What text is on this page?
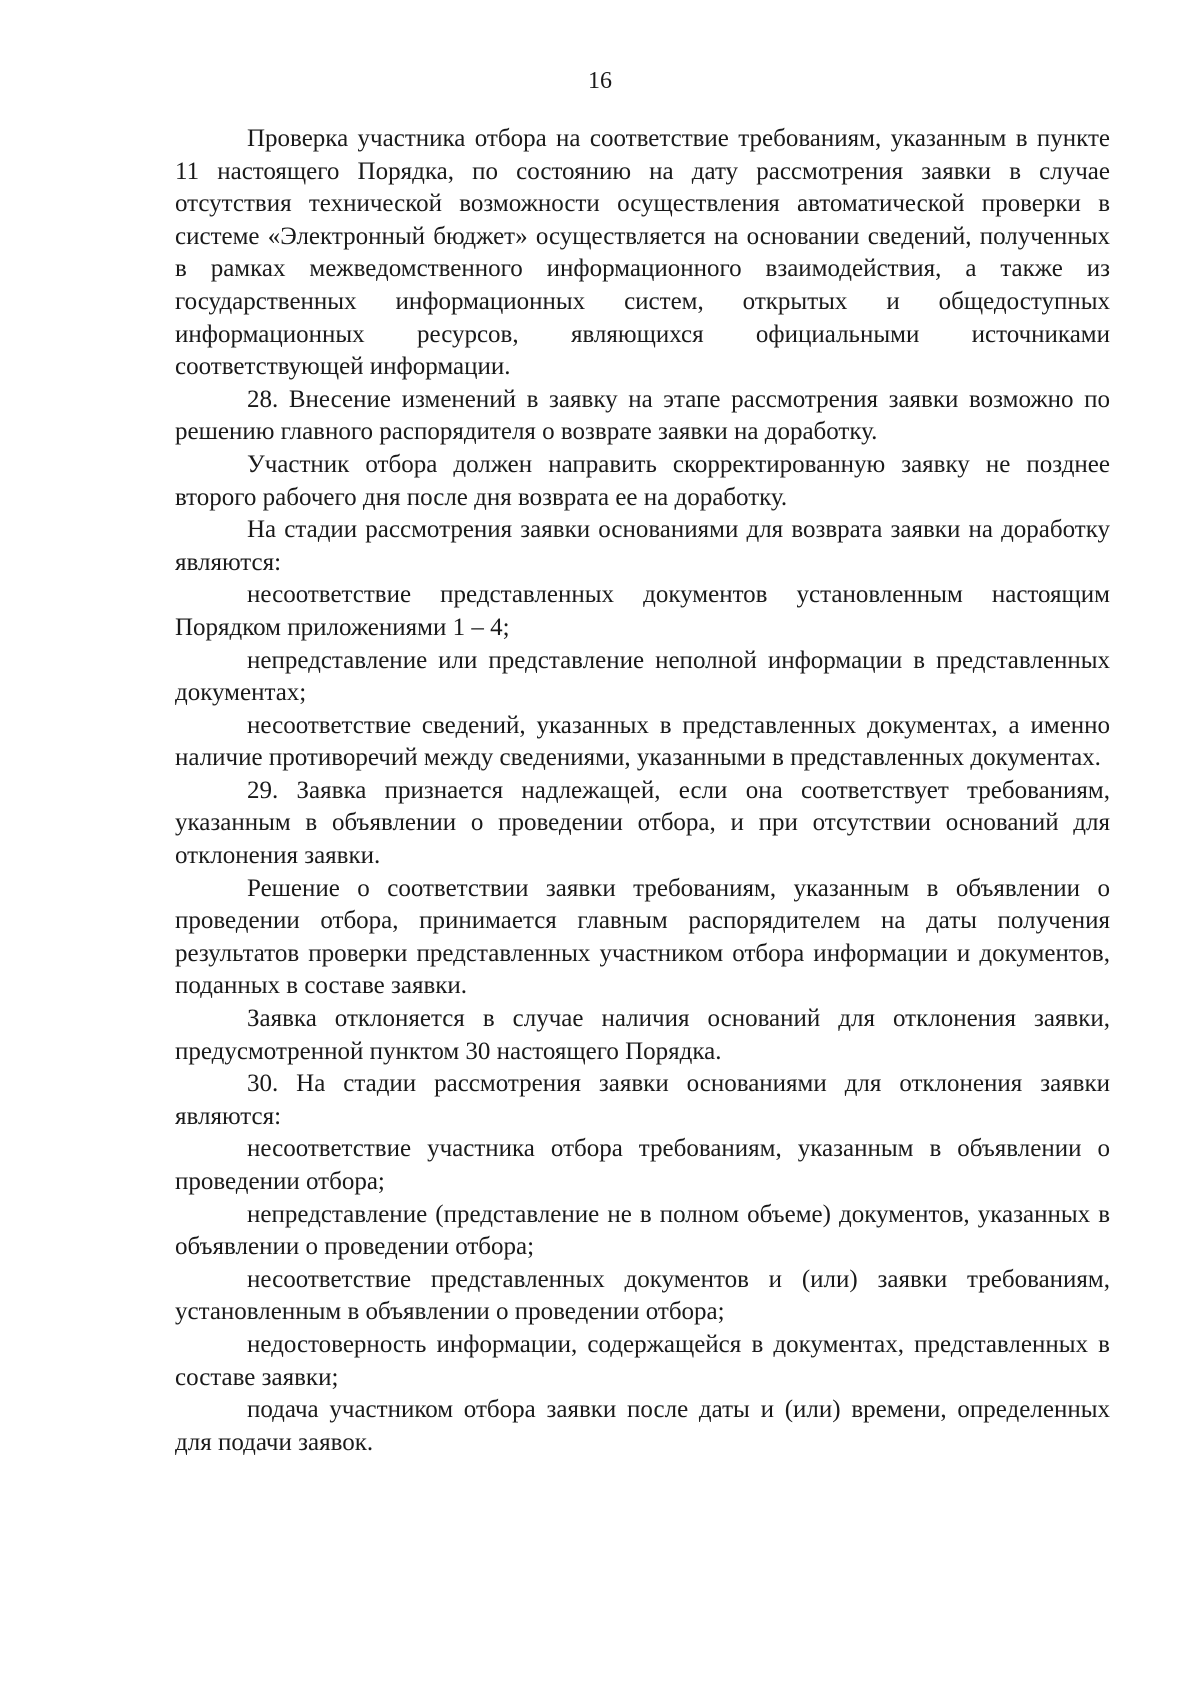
16

Проверка участника отбора на соответствие требованиям, указанным в пункте 11 настоящего Порядка, по состоянию на дату рассмотрения заявки в случае отсутствия технической возможности осуществления автоматической проверки в системе «Электронный бюджет» осуществляется на основании сведений, полученных в рамках межведомственного информационного взаимодействия, а также из государственных информационных систем, открытых и общедоступных информационных ресурсов, являющихся официальными источниками соответствующей информации.

28. Внесение изменений в заявку на этапе рассмотрения заявки возможно по решению главного распорядителя о возврате заявки на доработку.

Участник отбора должен направить скорректированную заявку не позднее второго рабочего дня после дня возврата ее на доработку.

На стадии рассмотрения заявки основаниями для возврата заявки на доработку являются:

несоответствие представленных документов установленным настоящим Порядком приложениями 1 – 4;

непредставление или представление неполной информации в представленных документах;

несоответствие сведений, указанных в представленных документах, а именно наличие противоречий между сведениями, указанными в представленных документах.

29. Заявка признается надлежащей, если она соответствует требованиям, указанным в объявлении о проведении отбора, и при отсутствии оснований для отклонения заявки.

Решение о соответствии заявки требованиям, указанным в объявлении о проведении отбора, принимается главным распорядителем на даты получения результатов проверки представленных участником отбора информации и документов, поданных в составе заявки.

Заявка отклоняется в случае наличия оснований для отклонения заявки, предусмотренной пунктом 30 настоящего Порядка.

30. На стадии рассмотрения заявки основаниями для отклонения заявки являются:

несоответствие участника отбора требованиям, указанным в объявлении о проведении отбора;

непредставление (представление не в полном объеме) документов, указанных в объявлении о проведении отбора;

несоответствие представленных документов и (или) заявки требованиям, установленным в объявлении о проведении отбора;

недостоверность информации, содержащейся в документах, представленных в составе заявки;

подача участником отбора заявки после даты и (или) времени, определенных для подачи заявок.
